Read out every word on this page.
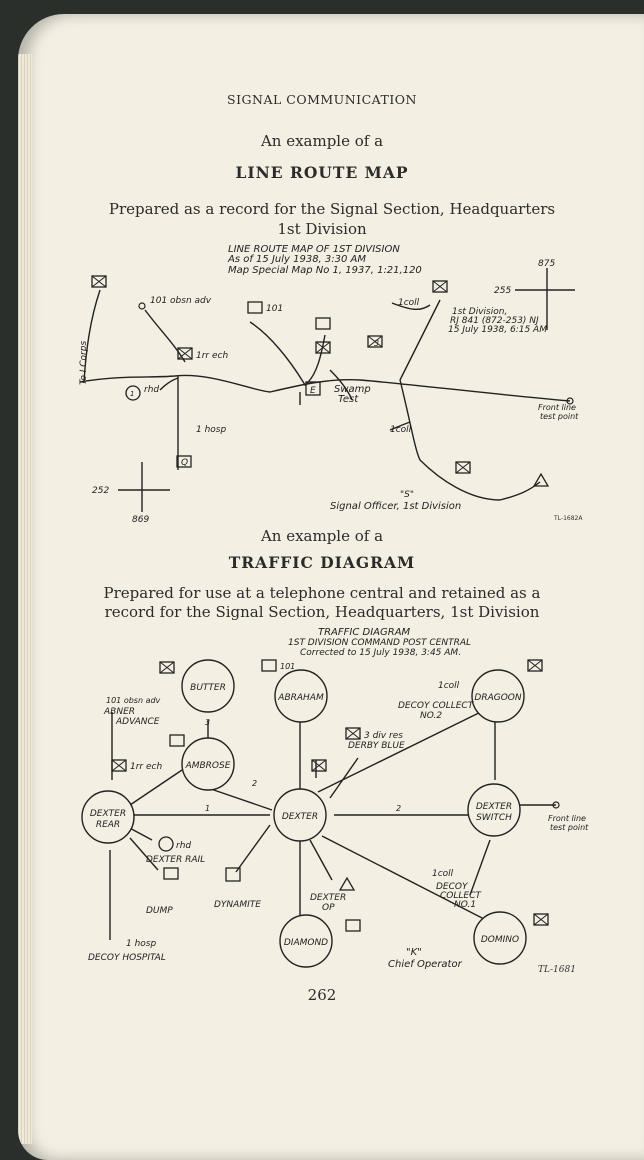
SIGNAL COMMUNICATION
An example of a
LINE ROUTE MAP
Prepared as a record for the Signal Section, Headquarters
1st Division
An example of a
TRAFFIC DIAGRAM
Prepared for use at a telephone central and retained as a
record for the Signal Section, Headquarters, 1st Division
262
LINE ROUTE MAP OF 1ST DIVISION
As of 15 July 1938, 3:30 AM
Map Special Map No 1, 1937, 1:21,120
875
255
252
869
101 obsn adv
To I Corps	1rr ech
1 rhd
1 hosp
Q
101
3
1coll
1coll
E Swamp
Test
Front line
test point
1st Division,
RJ 841 (872-253) NJ
15 July 1938, 6:15 AM
"S"
Signal Officer, 1st Division
TL-1682A
TRAFFIC DIAGRAM
1ST DIVISION COMMAND POST CENTRAL
Corrected to 15 July 1938, 3:45 AM.
BUTTER
ABRAHAM	DRAGOON
AMBROSE
DEXTER
REAR
DEXTER
DEXTER
SWITCH
DIAMOND	DOMINO
101 obsn adv
ABNER
ADVANCE
101
1coll
DECOY COLLECT
NO.2
3 div res
DERBY BLUE
1rr ech
rhd
DEXTER RAIL
DUMP
DYNAMITE
DEXTER
OP
1coll
DECOY
COLLECT
NO.1
Front line
test point
1 hosp
DECOY HOSPITAL	"K"
Chief Operator
2
2
1
3
TL-1681
